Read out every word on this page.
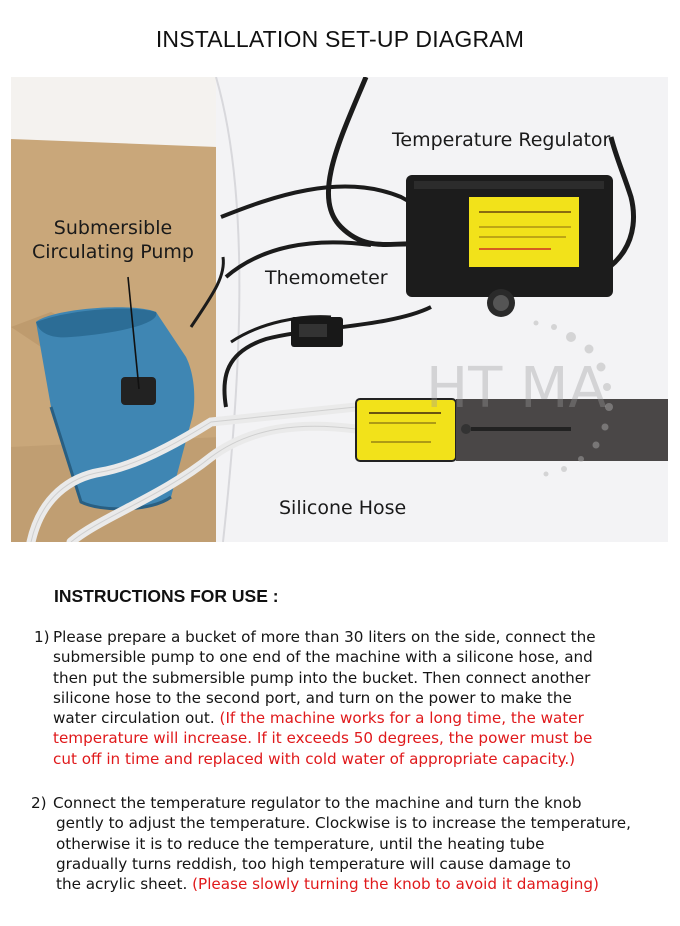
INSTALLATION SET-UP DIAGRAM
HT MA
Temperature Regulator
Submersible
Circulating Pump
Themometer
Silicone Hose
INSTRUCTIONS FOR USE :
1) Please prepare a bucket of more than 30 liters on the side, connect the
submersible pump to one end of the machine with a silicone hose, and
then put the submersible pump into the bucket. Then connect another
silicone hose to the second port, and turn on the power to make the
water circulation out. (If the machine works for a long time, the water
temperature will increase. If it exceeds 50 degrees, the power must be
cut off in time and replaced with cold water of appropriate capacity.)
2) Connect the temperature regulator to the machine and turn the knob
gently to adjust the temperature. Clockwise is to increase the temperature,
otherwise it is to reduce the temperature, until the heating tube
gradually turns reddish, too high temperature will cause damage to
the acrylic sheet. (Please slowly turning the knob to avoid it damaging)
